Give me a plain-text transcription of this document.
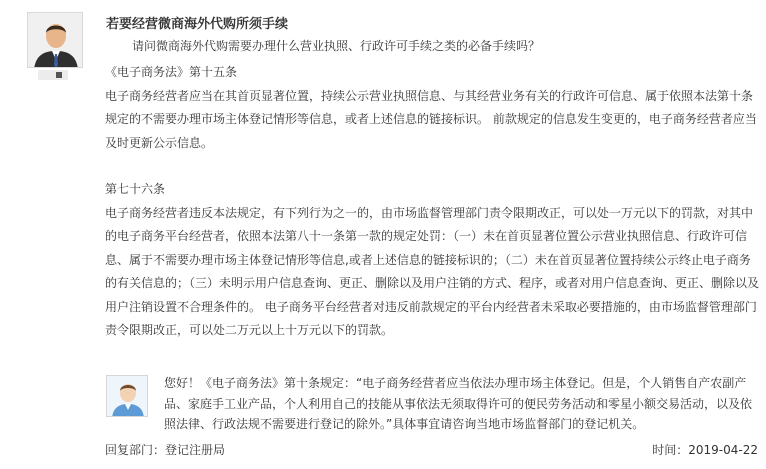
若要经营微商海外代购所须手续
请问微商海外代购需要办理什么营业执照、行政许可手续之类的必备手续吗？

《电子商务法》第十五条

电子商务经营者应当在其首页显著位置，持续公示营业执照信息、与其经营业务有关的行政许可信息、属于依照本法第十条规定的不需要办理市场主体登记情形等信息，或者上述信息的链接标识。 前款规定的信息发生变更的，电子商务经营者应当及时更新公示信息。

第七十六条

电子商务经营者违反本法规定，有下列行为之一的，由市场监督管理部门责令限期改正，可以处一万元以下的罚款，对其中的电子商务平台经营者，依照本法第八十一条第一款的规定处罚：（一）未在首页显著位置公示营业执照信息、行政许可信息、属于不需要办理市场主体登记情形等信息,或者上述信息的链接标识的；（二）未在首页显著位置持续公示终止电子商务的有关信息的；（三）未明示用户信息查询、更正、删除以及用户注销的方式、程序，或者对用户信息查询、更正、删除以及用户注销设置不合理条件的。 电子商务平台经营者对违反前款规定的平台内经营者未采取必要措施的，由市场监督管理部门责令限期改正，可以处二万元以上十万元以下的罚款。

您好！《电子商务法》第十条规定：“电子商务经营者应当依法办理市场主体登记。但是，个人销售自产农副产品、家庭手工业产品，个人利用自己的技能从事依法无须取得许可的便民劳务活动和零星小额交易活动，以及依照法律、行政法规不需要进行登记的除外。”具体事宜请咨询当地市场监督部门的登记机关。
回复部门：登记注册局	时间：2019-04-22
